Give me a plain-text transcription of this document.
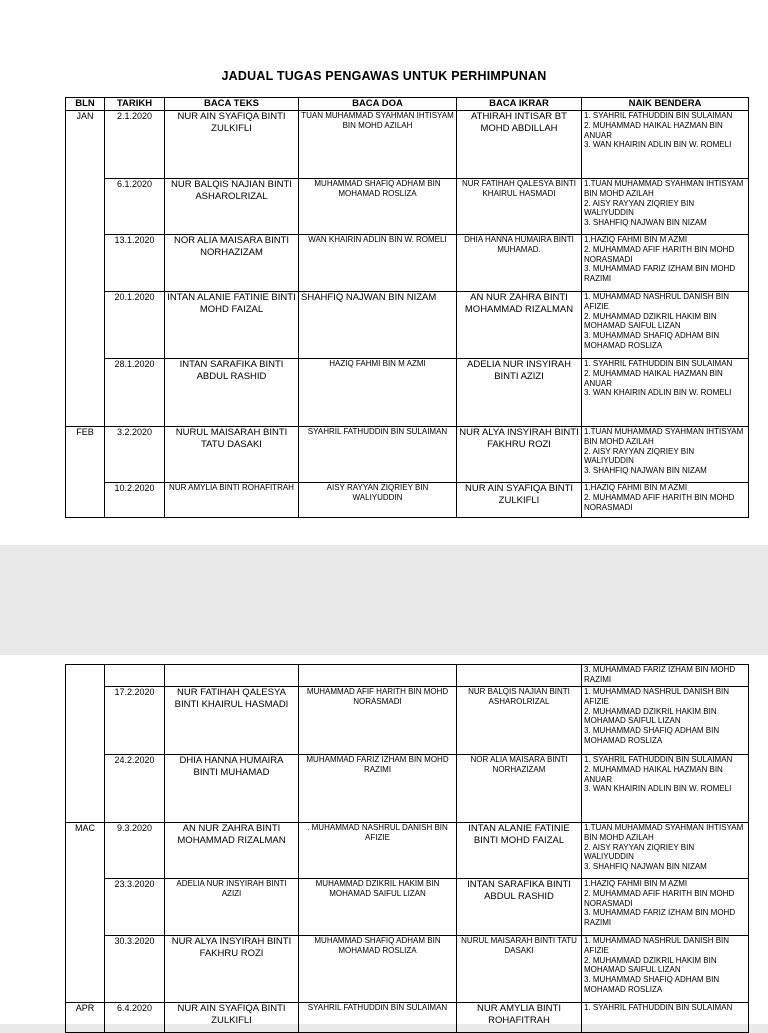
JADUAL TUGAS PENGAWAS UNTUK PERHIMPUNAN
BLN	TARIKH	BACA TEKS	BACA DOA	BACA IKRAR	NAIK BENDERA
JAN	2.1.2020	NUR AIN SYAFIQA BINTI ZULKIFLI	TUAN MUHAMMAD SYAHMAN IHTISYAM BIN MOHD AZILAH	ATHIRAH INTISAR BT MOHD ABDILLAH	1. SYAHRIL FATHUDDIN BIN SULAIMAN
2. MUHAMMAD HAIKAL HAZMAN BIN ANUAR
3. WAN KHAIRIN ADLIN BIN W. ROMELI

	6.1.2020	NUR BALQIS NAJIAN BINTI ASHAROLRIZAL	MUHAMMAD SHAFIQ ADHAM BIN MOHAMAD ROSLIZA	NUR FATIHAH QALESYA BINTI KHAIRUL HASMADI	1.TUAN MUHAMMAD SYAHMAN IHTISYAM BIN MOHD AZILAH
2. AISY RAYYAN ZIQRIEY BIN WALIYUDDIN
3. SHAHFIQ NAJWAN BIN NIZAM

	13.1.2020	NOR ALIA MAISARA BINTI NORHAZIZAM	WAN KHAIRIN ADLIN BIN W. ROMELI	DHIA HANNA HUMAIRA BINTI MUHAMAD.	1.HAZIQ FAHMI BIN M AZMI
2. MUHAMMAD AFIF HARITH BIN MOHD NORASMADI
3. MUHAMMAD FARIZ IZHAM BIN MOHD RAZIMI

	20.1.2020	INTAN ALANIE FATINIE BINTI MOHD FAIZAL	SHAHFIQ NAJWAN BIN NIZAM	AN NUR ZAHRA BINTI MOHAMMAD RIZALMAN	1. MUHAMMAD NASHRUL DANISH BIN AFIZIE
2. MUHAMMAD DZIKRIL HAKIM BIN MOHAMAD SAIFUL LIZAN
3. MUHAMMAD SHAFIQ ADHAM BIN MOHAMAD ROSLIZA

	28.1.2020	INTAN SARAFIKA BINTI ABDUL RASHID	HAZIQ FAHMI BIN M AZMI	ADELIA NUR INSYIRAH BINTI AZIZI	1. SYAHRIL FATHUDDIN BIN SULAIMAN
2. MUHAMMAD HAIKAL HAZMAN BIN ANUAR
3. WAN KHAIRIN ADLIN BIN W. ROMELI

FEB	3.2.2020	NURUL MAISARAH BINTI TATU DASAKI	SYAHRIL FATHUDDIN BIN SULAIMAN	NUR ALYA INSYIRAH BINTI FAKHRU ROZI	1.TUAN MUHAMMAD SYAHMAN IHTISYAM BIN MOHD AZILAH
2. AISY RAYYAN ZIQRIEY BIN WALIYUDDIN
3. SHAHFIQ NAJWAN BIN NIZAM

	10.2.2020	NUR AMYLIA BINTI ROHAFITRAH	AISY RAYYAN ZIQRIEY BIN WALIYUDDIN	NUR AIN SYAFIQA BINTI ZULKIFLI	1.HAZIQ FAHMI BIN M AZMI
2. MUHAMMAD AFIF HARITH BIN MOHD NORASMADI

					3. MUHAMMAD FARIZ IZHAM BIN MOHD RAZIMI

	17.2.2020	NUR FATIHAH QALESYA BINTI KHAIRUL HASMADI	MUHAMMAD AFIF HARITH BIN MOHD NORASMADI	NUR BALQIS NAJIAN BINTI ASHAROLRIZAL	1. MUHAMMAD NASHRUL DANISH BIN AFIZIE
2. MUHAMMAD DZIKRIL HAKIM BIN MOHAMAD SAIFUL LIZAN
3. MUHAMMAD SHAFIQ ADHAM BIN MOHAMAD ROSLIZA

	24.2.2020	DHIA HANNA HUMAIRA BINTI MUHAMAD	MUHAMMAD FARIZ IZHAM BIN MOHD RAZIMI	NOR ALIA MAISARA BINTI NORHAZIZAM	1. SYAHRIL FATHUDDIN BIN SULAIMAN
2. MUHAMMAD HAIKAL HAZMAN BIN ANUAR
3. WAN KHAIRIN ADLIN BIN W. ROMELI

MAC	9.3.2020	AN NUR ZAHRA BINTI MOHAMMAD RIZALMAN	. MUHAMMAD NASHRUL DANISH BIN AFIZIE	INTAN ALANIE FATINIE BINTI MOHD FAIZAL	1.TUAN MUHAMMAD SYAHMAN IHTISYAM BIN MOHD AZILAH
2. AISY RAYYAN ZIQRIEY BIN WALIYUDDIN
3. SHAHFIQ NAJWAN BIN NIZAM

	23.3.2020	ADELIA NUR INSYIRAH BINTI AZIZI	MUHAMMAD DZIKRIL HAKIM BIN MOHAMAD SAIFUL LIZAN	INTAN SARAFIKA BINTI ABDUL RASHID	1.HAZIQ FAHMI BIN M AZMI
2. MUHAMMAD AFIF HARITH BIN MOHD NORASMADI
3. MUHAMMAD FARIZ IZHAM BIN MOHD RAZIMI

	30.3.2020	NUR ALYA INSYIRAH BINTI FAKHRU ROZI	MUHAMMAD SHAFIQ ADHAM BIN MOHAMAD ROSLIZA	NURUL MAISARAH BINTI TATU DASAKI	1. MUHAMMAD NASHRUL DANISH BIN AFIZIE
2. MUHAMMAD DZIKRIL HAKIM BIN MOHAMAD SAIFUL LIZAN
3. MUHAMMAD SHAFIQ ADHAM BIN MOHAMAD ROSLIZA

APR	6.4.2020	NUR AIN SYAFIQA BINTI ZULKIFLI	SYAHRIL FATHUDDIN BIN SULAIMAN	NUR AMYLIA BINTI ROHAFITRAH	1. SYAHRIL FATHUDDIN BIN SULAIMAN
